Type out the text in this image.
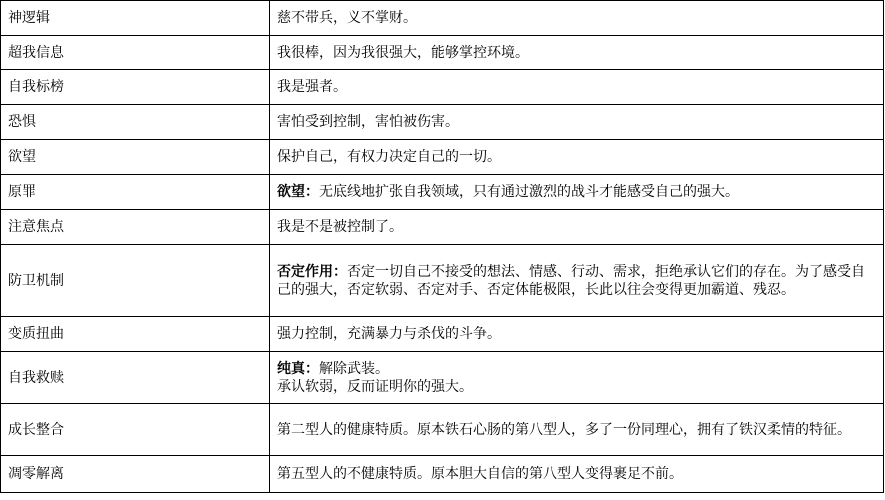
神逻辑	慈不带兵，义不掌财。
超我信息	我很棒，因为我很强大，能够掌控环境。
自我标榜	我是强者。
恐惧	害怕受到控制，害怕被伤害。
欲望	保护自己，有权力决定自己的一切。
原罪	欲望：无底线地扩张自我领域，只有通过激烈的战斗才能感受自己的强大。
注意焦点	我是不是被控制了。
防卫机制	否定作用：否定一切自己不接受的想法、情感、行动、需求，拒绝承认它们的存在。为了感受自己的强大，否定软弱、否定对手、否定体能极限，长此以往会变得更加霸道、残忍。
变质扭曲	强力控制，充满暴力与杀伐的斗争。
自我救赎	纯真：解除武装。
承认软弱，反而证明你的强大。
成长整合	第二型人的健康特质。原本铁石心肠的第八型人，多了一份同理心，拥有了铁汉柔情的特征。
凋零解离	第五型人的不健康特质。原本胆大自信的第八型人变得裹足不前。
